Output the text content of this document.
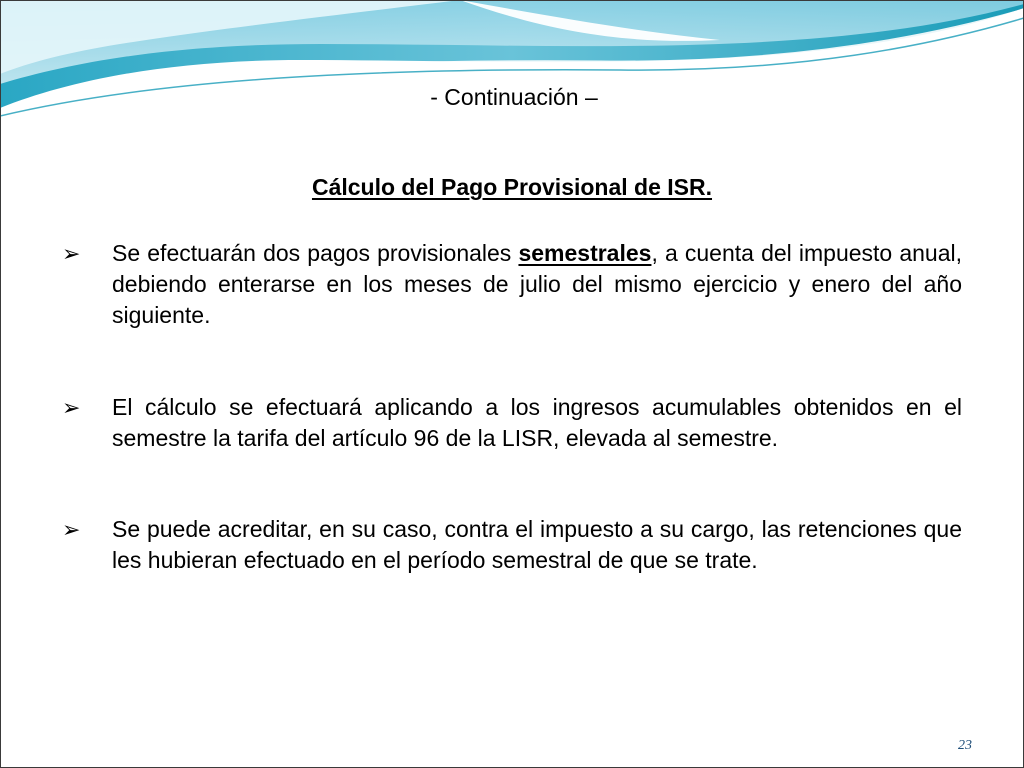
- Continuación –
Cálculo del Pago Provisional de ISR.
➢	Se efectuarán dos pagos provisionales semestrales, a cuenta del impuesto anual, debiendo enterarse en los meses de julio del mismo ejercicio y enero del año siguiente.
➢	El cálculo se efectuará aplicando a los ingresos acumulables obtenidos en el semestre la tarifa del artículo 96 de la LISR, elevada al semestre.
➢	Se puede acreditar, en su caso, contra el impuesto a su cargo, las retenciones que les hubieran efectuado en el período semestral de que se trate.
23
